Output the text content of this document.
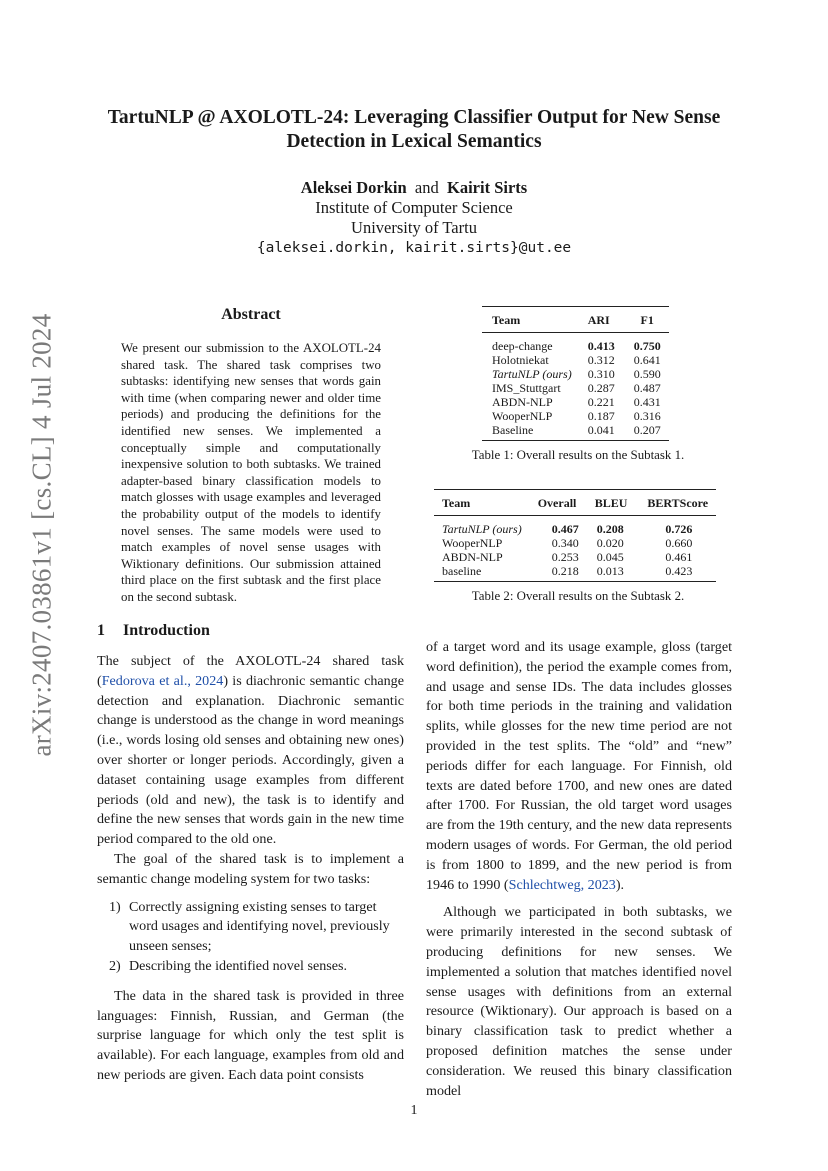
arXiv:2407.03861v1 [cs.CL] 4 Jul 2024
TartuNLP @ AXOLOTL-24: Leveraging Classifier Output for New Sense Detection in Lexical Semantics
Aleksei Dorkin and Kairit Sirts
Institute of Computer Science
University of Tartu
{aleksei.dorkin, kairit.sirts}@ut.ee
Abstract
We present our submission to the AXOLOTL-24 shared task. The shared task comprises two subtasks: identifying new senses that words gain with time (when comparing newer and older time periods) and producing the definitions for the identified new senses. We implemented a conceptually simple and computationally inexpensive solution to both subtasks. We trained adapter-based binary classification models to match glosses with usage examples and leveraged the probability output of the models to identify novel senses. The same models were used to match examples of novel sense usages with Wiktionary definitions. Our submission attained third place on the first subtask and the first place on the second subtask.
Team	ARI	F1
deep-change	0.413	0.750
Holotniekat	0.312	0.641
TartuNLP (ours)	0.310	0.590
IMS_Stuttgart	0.287	0.487
ABDN-NLP	0.221	0.431
WooperNLP	0.187	0.316
Baseline	0.041	0.207
Table 1: Overall results on the Subtask 1.
Team	Overall	BLEU	BERTScore
TartuNLP (ours)	0.467	0.208	0.726
WooperNLP	0.340	0.020	0.660
ABDN-NLP	0.253	0.045	0.461
baseline	0.218	0.013	0.423
Table 2: Overall results on the Subtask 2.
1 Introduction

The subject of the AXOLOTL-24 shared task (Fedorova et al., 2024) is diachronic semantic change detection and explanation. Diachronic semantic change is understood as the change in word meanings (i.e., words losing old senses and obtaining new ones) over shorter or longer periods. Accordingly, given a dataset containing usage examples from different periods (old and new), the task is to identify and define the new senses that words gain in the new time period compared to the old one.

The goal of the shared task is to implement a semantic change modeling system for two tasks:

1) Correctly assigning existing senses to target word usages and identifying novel, previously unseen senses;
2) Describing the identified novel senses.

The data in the shared task is provided in three languages: Finnish, Russian, and German (the surprise language for which only the test split is available). For each language, examples from old and new periods are given. Each data point consists

of a target word and its usage example, gloss (target word definition), the period the example comes from, and usage and sense IDs. The data includes glosses for both time periods in the training and validation splits, while glosses for the new time period are not provided in the test splits. The “old” and “new” periods differ for each language. For Finnish, old texts are dated before 1700, and new ones are dated after 1700. For Russian, the old target word usages are from the 19th century, and the new data represents modern usages of words. For German, the old period is from 1800 to 1899, and the new period is from 1946 to 1990 (Schlechtweg, 2023).

Although we participated in both subtasks, we were primarily interested in the second subtask of producing definitions for new senses. We implemented a solution that matches identified novel sense usages with definitions from an external resource (Wiktionary). Our approach is based on a binary classification task to predict whether a proposed definition matches the sense under consideration. We reused this binary classification model

1
